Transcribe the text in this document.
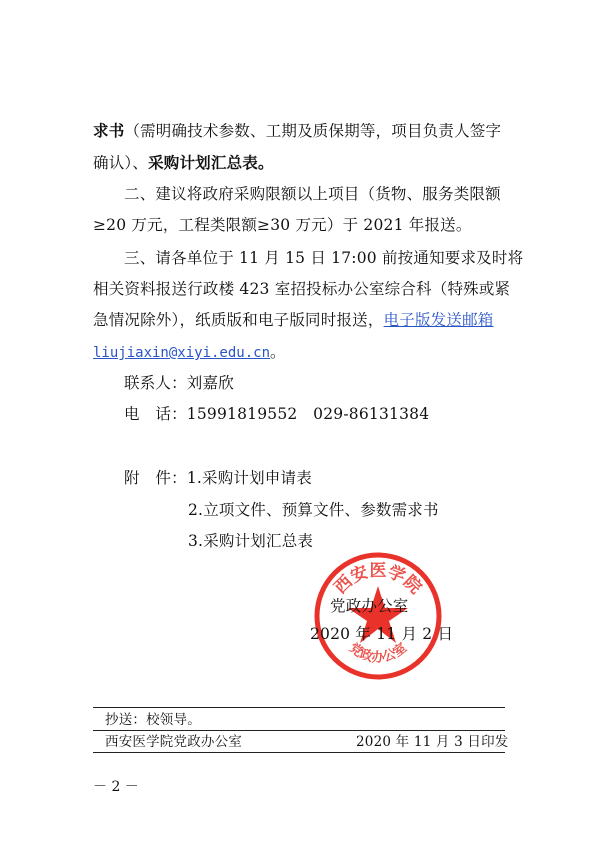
求书（需明确技术参数、工期及质保期等，项目负责人签字
确认）、采购计划汇总表。
二、建议将政府采购限额以上项目（货物、服务类限额
≥20 万元，工程类限额≥30 万元）于 2021 年报送。
三、请各单位于 11 月 15 日 17:00 前按通知要求及时将
相关资料报送行政楼 423 室招投标办公室综合科（特殊或紧
急情况除外），纸质版和电子版同时报送，电子版发送邮箱
liujiaxin@xiyi.edu.cn。
联系人：刘嘉欣
电　话：15991819552　029-86131384
附　件：1.采购计划申请表
2.立项文件、预算文件、参数需求书
3.采购计划汇总表
西安医学院
党政办公室
党政办公室
2020 年 11 月 2 日
抄送：校领导。
西安医学院党政办公室	2020 年 11 月 3 日印发
－ 2 －
